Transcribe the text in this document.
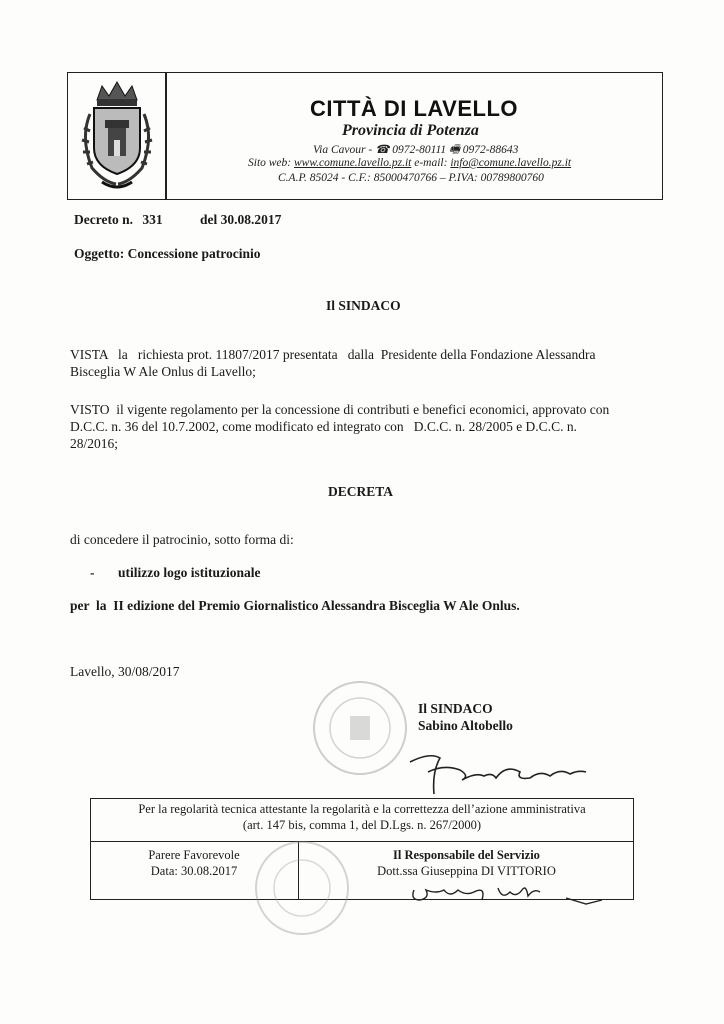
CITTÀ DI LAVELLO
Provincia di Potenza
Via Cavour - ☎ 0972-80111 🖷 0972-88643
Sito web: www.comune.lavello.pz.it e-mail: info@comune.lavello.pz.it
C.A.P. 85024 - C.F.: 85000470766 – P.IVA: 00789800760
Decreto n. 331	del 30.08.2017
Oggetto: Concessione patrocinio
Il SINDACO
VISTA   la   richiesta prot. 11807/2017 presentata   dalla  Presidente della Fondazione Alessandra
Bisceglia W Ale Onlus di Lavello;
VISTO  il vigente regolamento per la concessione di contributi e benefici economici, approvato con
D.C.C. n. 36 del 10.7.2002, come modificato ed integrato con   D.C.C. n. 28/2005 e D.C.C. n.
28/2016;
DECRETA
di concedere il patrocinio, sotto forma di:
- utilizzo logo istituzionale
per  la  II edizione del Premio Giornalistico Alessandra Bisceglia W Ale Onlus.
Lavello, 30/08/2017
Il SINDACO
Sabino Altobello
Per la regolarità tecnica attestante la regolarità e la correttezza dell’azione amministrativa
(art. 147 bis, comma 1, del D.Lgs. n. 267/2000)
Parere Favorevole
Data: 30.08.2017
Il Responsabile del Servizio
Dott.ssa Giuseppina DI VITTORIO
